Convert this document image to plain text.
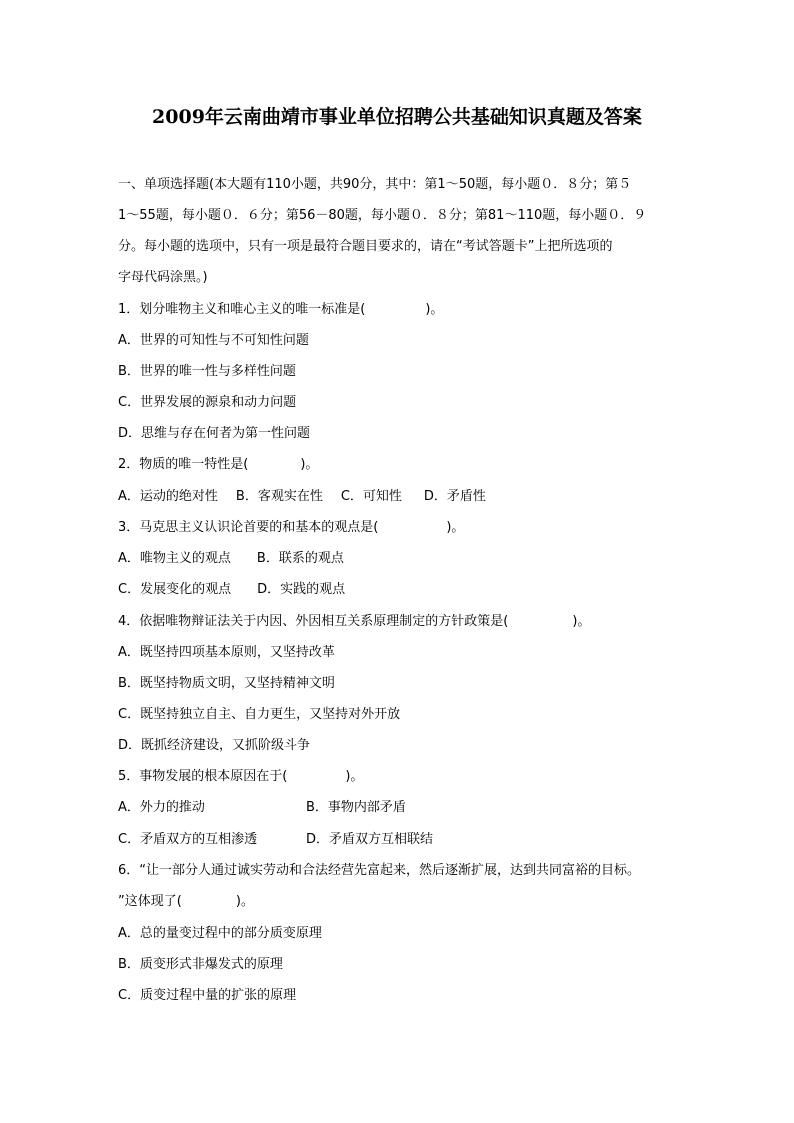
2009年云南曲靖市事业单位招聘公共基础知识真题及答案
一、单项选择题(本大题有110小题，共90分，其中：第1～50题，每小题０．８分；第５
1～55题，每小题０．６分；第56－80题，每小题０．８分；第81～110题，每小题０．９
分。每小题的选项中，只有一项是最符合题目要求的，请在“考试答题卡”上把所选项的
字母代码涂黑。)
1．划分唯物主义和唯心主义的唯一标准是(	)。
A．世界的可知性与不可知性问题
B．世界的唯一性与多样性问题
C．世界发展的源泉和动力问题
D．思维与存在何者为第一性问题
2．物质的唯一特性是(	)。
A．运动的绝对性 B．客观实在性 C．可知性 D．矛盾性
3．马克思主义认识论首要的和基本的观点是(	)。
A．唯物主义的观点 B．联系的观点
C．发展变化的观点 D．实践的观点
4．依据唯物辩证法关于内因、外因相互关系原理制定的方针政策是(	)。
A．既坚持四项基本原则，又坚持改革
B．既坚持物质文明，又坚持精神文明
C．既坚持独立自主、自力更生，又坚持对外开放
D．既抓经济建设，又抓阶级斗争
5．事物发展的根本原因在于(	)。
A．外力的推动	B．事物内部矛盾
C．矛盾双方的互相渗透	D．矛盾双方互相联结
6．“让一部分人通过诚实劳动和合法经营先富起来，然后逐渐扩展，达到共同富裕的目标。
”这体现了(	)。
A．总的量变过程中的部分质变原理
B．质变形式非爆发式的原理
C．质变过程中量的扩张的原理
